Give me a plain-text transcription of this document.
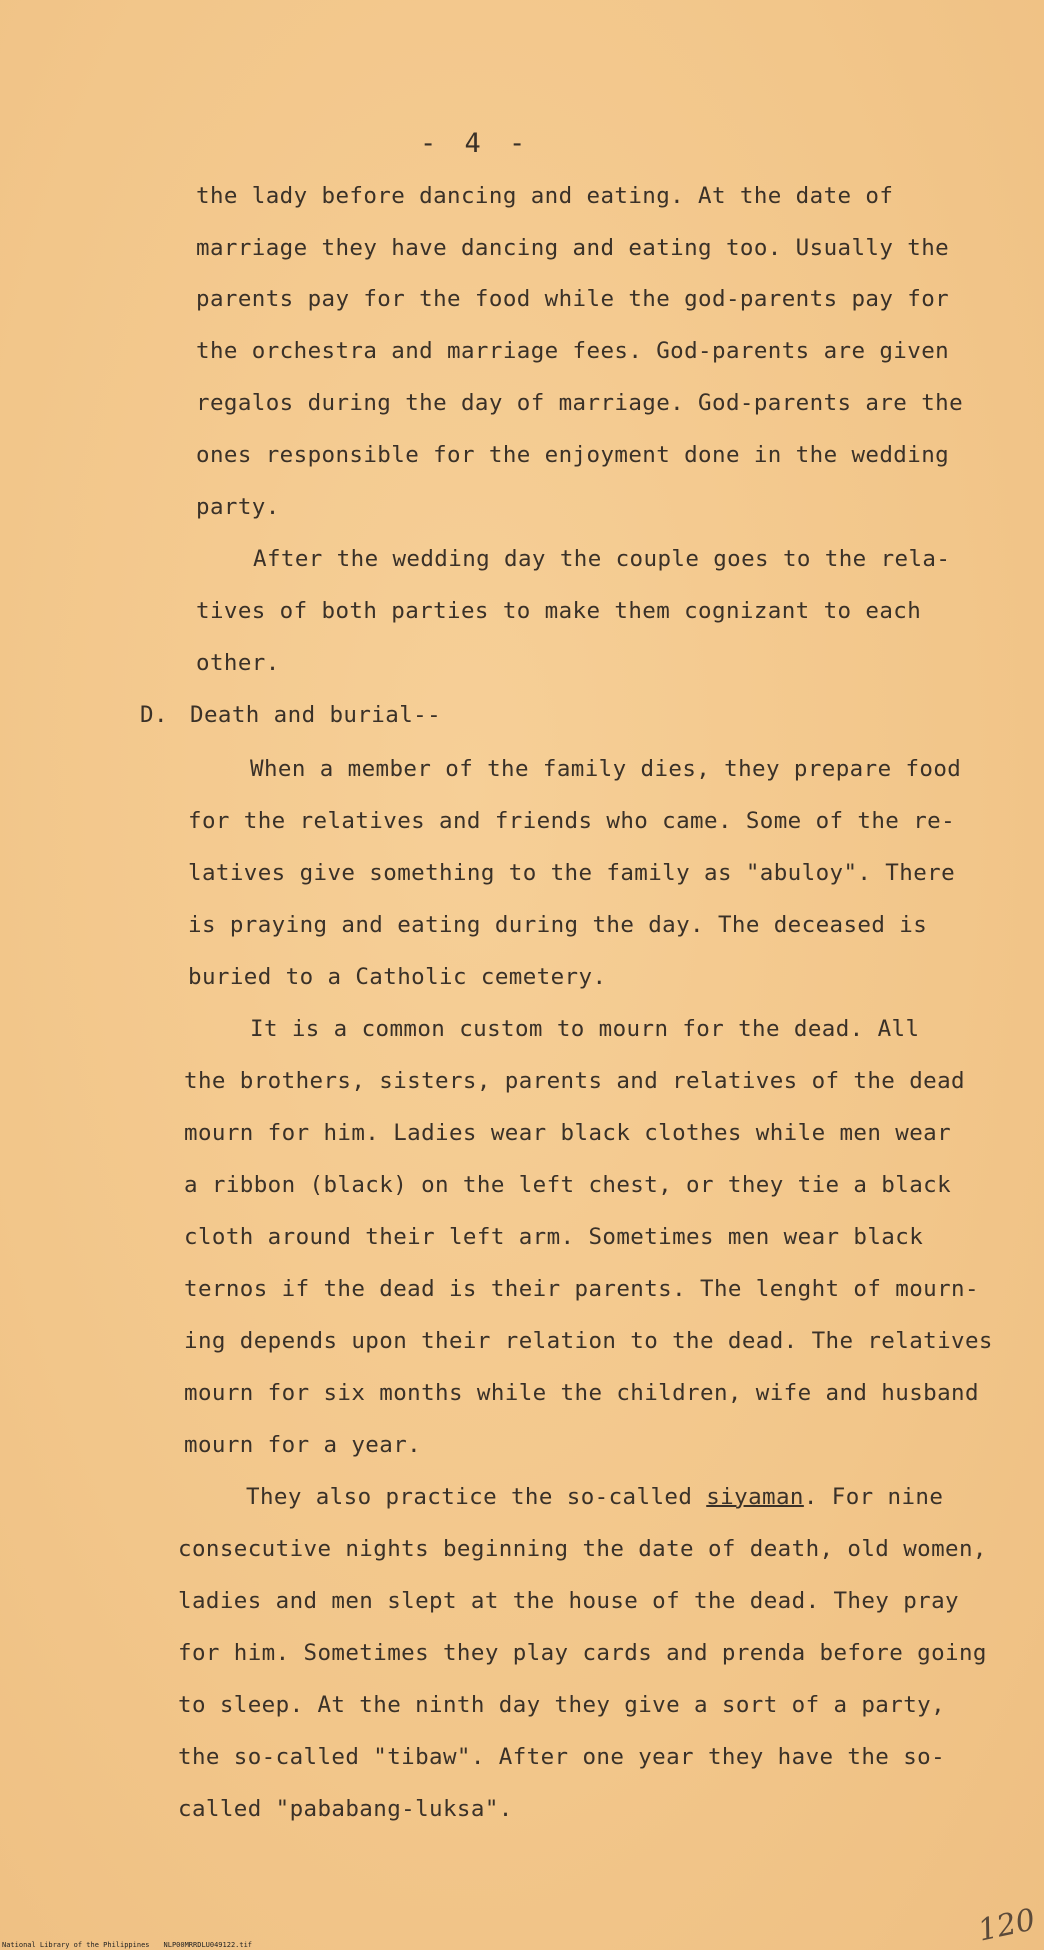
- 4 -
the lady before dancing and eating. At the date of
marriage they have dancing and eating too. Usually the
parents pay for the food while the god-parents pay for
the orchestra and marriage fees. God-parents are given
regalos during the day of marriage. God-parents are the
ones responsible for the enjoyment done in the wedding
party.
After the wedding day the couple goes to the rela-
tives of both parties to make them cognizant to each
other.
D. Death and burial--
When a member of the family dies, they prepare food
for the relatives and friends who came. Some of the re-
latives give something to the family as "abuloy". There
is praying and eating during the day. The deceased is
buried to a Catholic cemetery.
It is a common custom to mourn for the dead. All
the brothers, sisters, parents and relatives of the dead
mourn for him. Ladies wear black clothes while men wear
a ribbon (black) on the left chest, or they tie a black
cloth around their left arm. Sometimes men wear black
ternos if the dead is their parents. The lenght of mourn-
ing depends upon their relation to the dead. The relatives
mourn for six months while the children, wife and husband
mourn for a year.
They also practice the so-called siyaman. For nine
consecutive nights beginning the date of death, old women,
ladies and men slept at the house of the dead. They pray
for him. Sometimes they play cards and prenda before going
to sleep. At the ninth day they give a sort of a party,
the so-called "tibaw". After one year they have the so-
called "pababang-luksa".
120
National Library of the Philippines NLP00MRRDLU049122.tif
